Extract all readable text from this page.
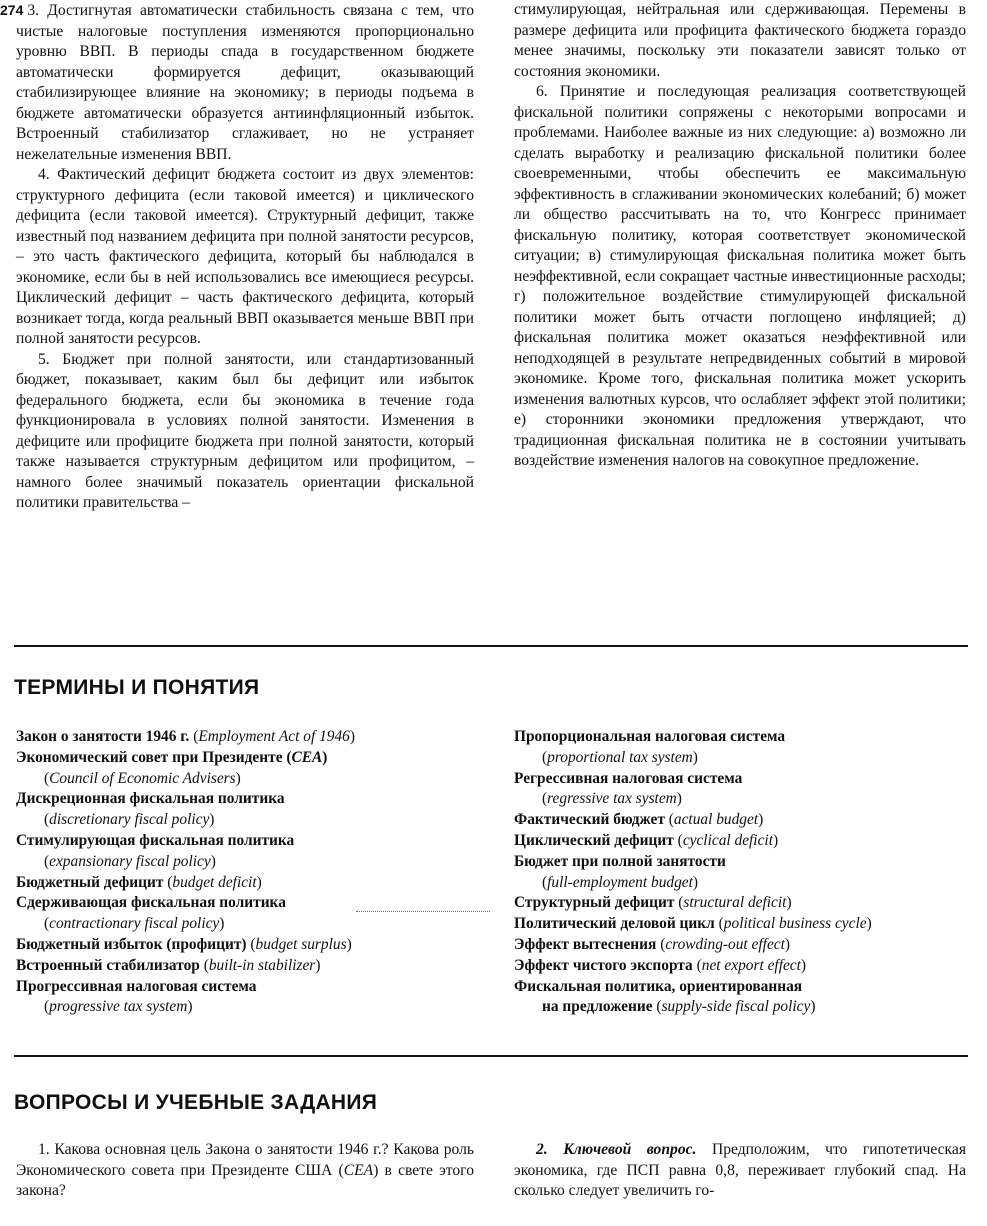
274 3. Достигнутая автоматически стабильность связана с тем, что чистые налоговые поступления изменяются пропорционально уровню ВВП. В периоды спада в государственном бюджете автоматически формируется дефицит, оказывающий стабилизирующее влияние на экономику; в периоды подъема в бюджете автоматически образуется антиинфляционный избыток. Встроенный стабилизатор сглаживает, но не устраняет нежелательные изменения ВВП.

4. Фактический дефицит бюджета состоит из двух элементов: структурного дефицита (если таковой имеется) и циклического дефицита (если таковой имеется). Структурный дефицит, также известный под названием дефицита при полной занятости ресурсов, – это часть фактического дефицита, который бы наблюдался в экономике, если бы в ней использовались все имеющиеся ресурсы. Циклический дефицит – часть фактического дефицита, который возникает тогда, когда реальный ВВП оказывается меньше ВВП при полной занятости ресурсов.

5. Бюджет при полной занятости, или стандартизованный бюджет, показывает, каким был бы дефицит или избыток федерального бюджета, если бы экономика в течение года функционировала в условиях полной занятости. Изменения в дефиците или профиците бюджета при полной занятости, который также называется структурным дефицитом или профицитом, – намного более значимый показатель ориентации фискальной политики правительства –

стимулирующая, нейтральная или сдерживающая. Перемены в размере дефицита или профицита фактического бюджета гораздо менее значимы, поскольку эти показатели зависят только от состояния экономики.

6. Принятие и последующая реализация соответствующей фискальной политики сопряжены с некоторыми вопросами и проблемами. Наиболее важные из них следующие: а) возможно ли сделать выработку и реализацию фискальной политики более своевременными, чтобы обеспечить ее максимальную эффективность в сглаживании экономических колебаний; б) может ли общество рассчитывать на то, что Конгресс принимает фискальную политику, которая соответствует экономической ситуации; в) стимулирующая фискальная политика может быть неэффективной, если сокращает частные инвестиционные расходы; г) положительное воздействие стимулирующей фискальной политики может быть отчасти поглощено инфляцией; д) фискальная политика может оказаться неэффективной или неподходящей в результате непредвиденных событий в мировой экономике. Кроме того, фискальная политика может ускорить изменения валютных курсов, что ослабляет эффект этой политики; е) сторонники экономики предложения утверждают, что традиционная фискальная политика не в состоянии учитывать воздействие изменения налогов на совокупное предложение.

ТЕРМИНЫ И ПОНЯТИЯ
Закон о занятости 1946 г. (Employment Act of 1946)
Экономический совет при Президенте (CEA)
(Council of Economic Advisers)
Дискреционная фискальная политика
(discretionary fiscal policy)
Стимулирующая фискальная политика
(expansionary fiscal policy)
Бюджетный дефицит (budget deficit)
Сдерживающая фискальная политика
(contractionary fiscal policy)
Бюджетный избыток (профицит) (budget surplus)
Встроенный стабилизатор (built-in stabilizer)
Прогрессивная налоговая система
(progressive tax system)
Пропорциональная налоговая система
(proportional tax system)
Регрессивная налоговая система
(regressive tax system)
Фактический бюджет (actual budget)
Циклический дефицит (cyclical deficit)
Бюджет при полной занятости
(full-employment budget)
Структурный дефицит (structural deficit)
Политический деловой цикл (political business cycle)
Эффект вытеснения (crowding-out effect)
Эффект чистого экспорта (net export effect)
Фискальная политика, ориентированная
на предложение (supply-side fiscal policy)
ВОПРОСЫ И УЧЕБНЫЕ ЗАДАНИЯ

1. Какова основная цель Закона о занятости 1946 г.? Какова роль Экономического совета при Президенте США (CEA) в свете этого закона?

2. Ключевой вопрос. Предположим, что гипотетическая экономика, где ПСП равна 0,8, переживает глубокий спад. На сколько следует увеличить го-
